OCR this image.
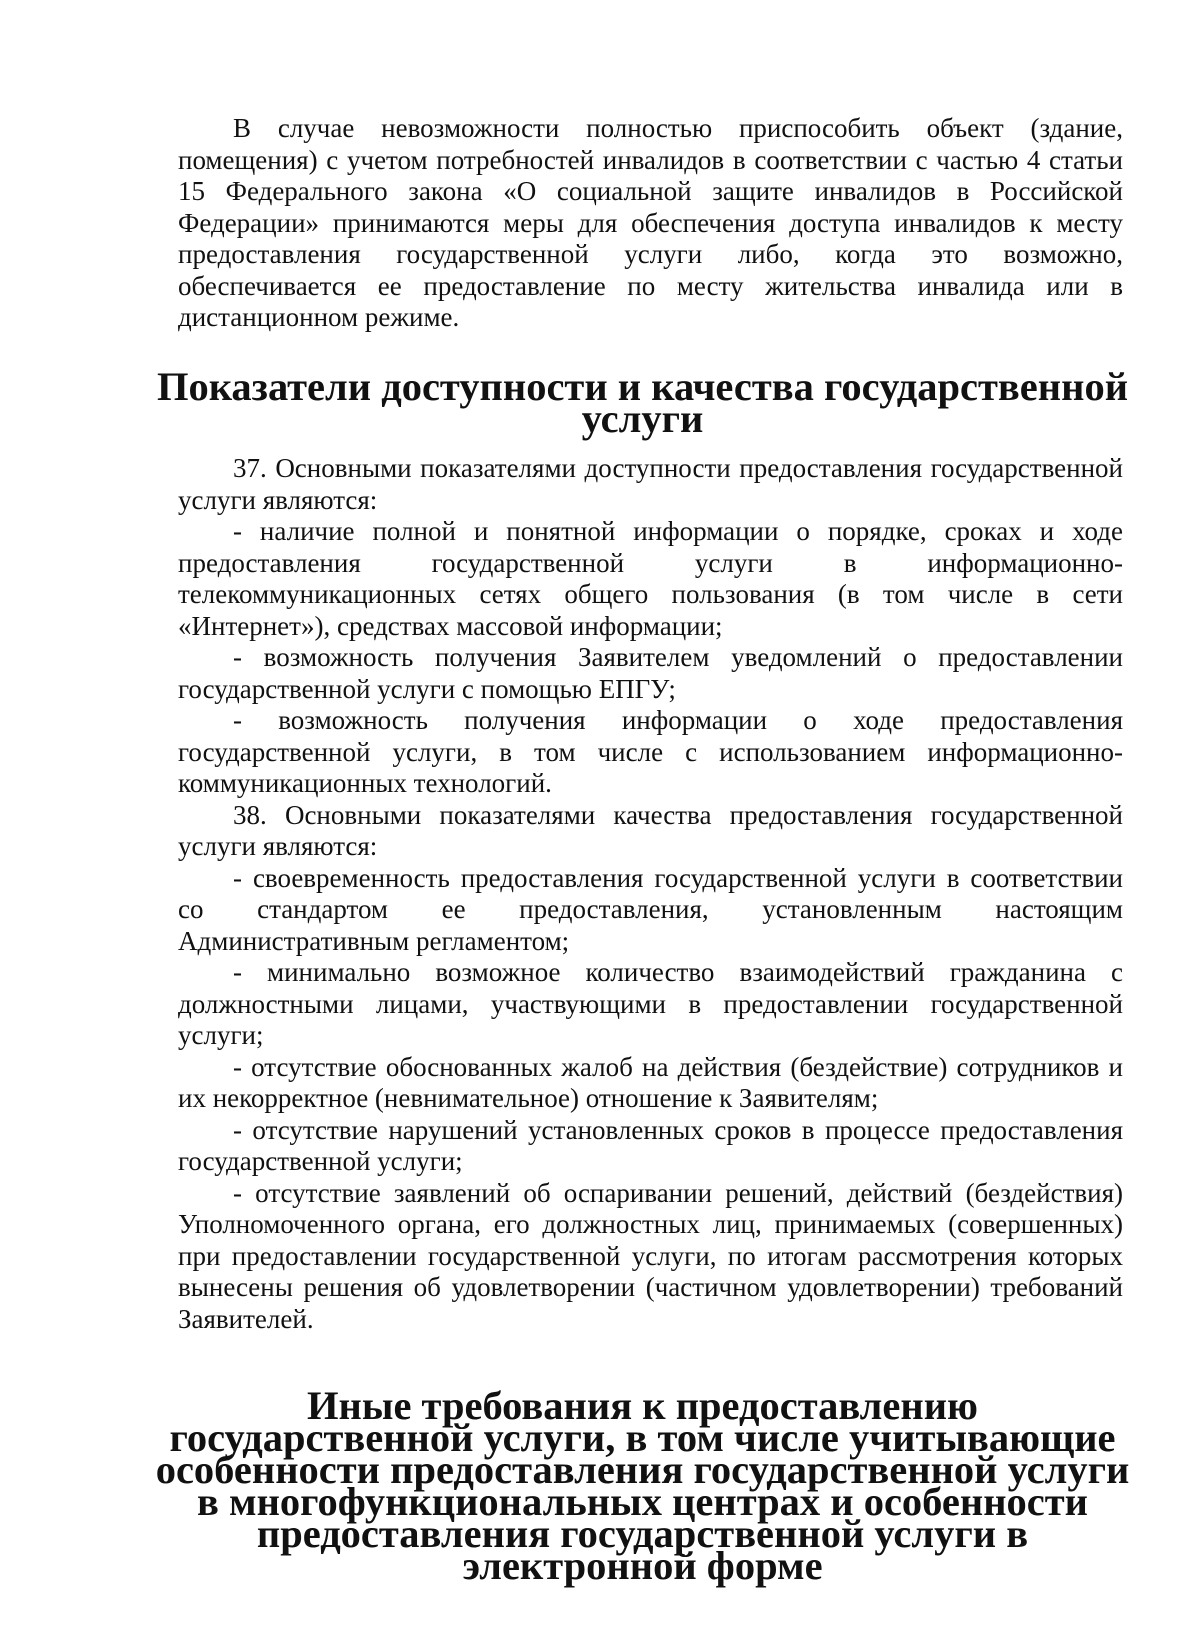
В случае невозможности полностью приспособить объект (здание, помещения) с учетом потребностей инвалидов в соответствии с частью 4 статьи 15 Федерального закона «О социальной защите инвалидов в Российской Федерации» принимаются меры для обеспечения доступа инвалидов к месту предоставления государственной услуги либо, когда это возможно, обеспечивается ее предоставление по месту жительства инвалида или в дистанционном режиме.

Показатели доступности и качества государственной услуги

37. Основными показателями доступности предоставления государственной услуги являются:

- наличие полной и понятной информации о порядке, сроках и ходе предоставления государственной услуги в информационно-телекоммуникационных сетях общего пользования (в том числе в сети «Интернет»), средствах массовой информации;

- возможность получения Заявителем уведомлений о предоставлении государственной услуги с помощью ЕПГУ;

- возможность получения информации о ходе предоставления государственной услуги, в том числе с использованием информационно-коммуникационных технологий.

38. Основными показателями качества предоставления государственной услуги являются:

- своевременность предоставления государственной услуги в соответствии со стандартом ее предоставления, установленным настоящим Административным регламентом;

- минимально возможное количество взаимодействий гражданина с должностными лицами, участвующими в предоставлении государственной услуги;

- отсутствие обоснованных жалоб на действия (бездействие) сотрудников и их некорректное (невнимательное) отношение к Заявителям;

- отсутствие нарушений установленных сроков в процессе предоставления государственной услуги;

- отсутствие заявлений об оспаривании решений, действий (бездействия) Уполномоченного органа, его должностных лиц, принимаемых (совершенных) при предоставлении государственной услуги, по итогам рассмотрения которых вынесены решения об удовлетворении (частичном удовлетворении) требований Заявителей.

Иные требования к предоставлению государственной услуги, в том числе учитывающие особенности предоставления государственной услуги в многофункциональных центрах и особенности предоставления государственной услуги в электронной форме
